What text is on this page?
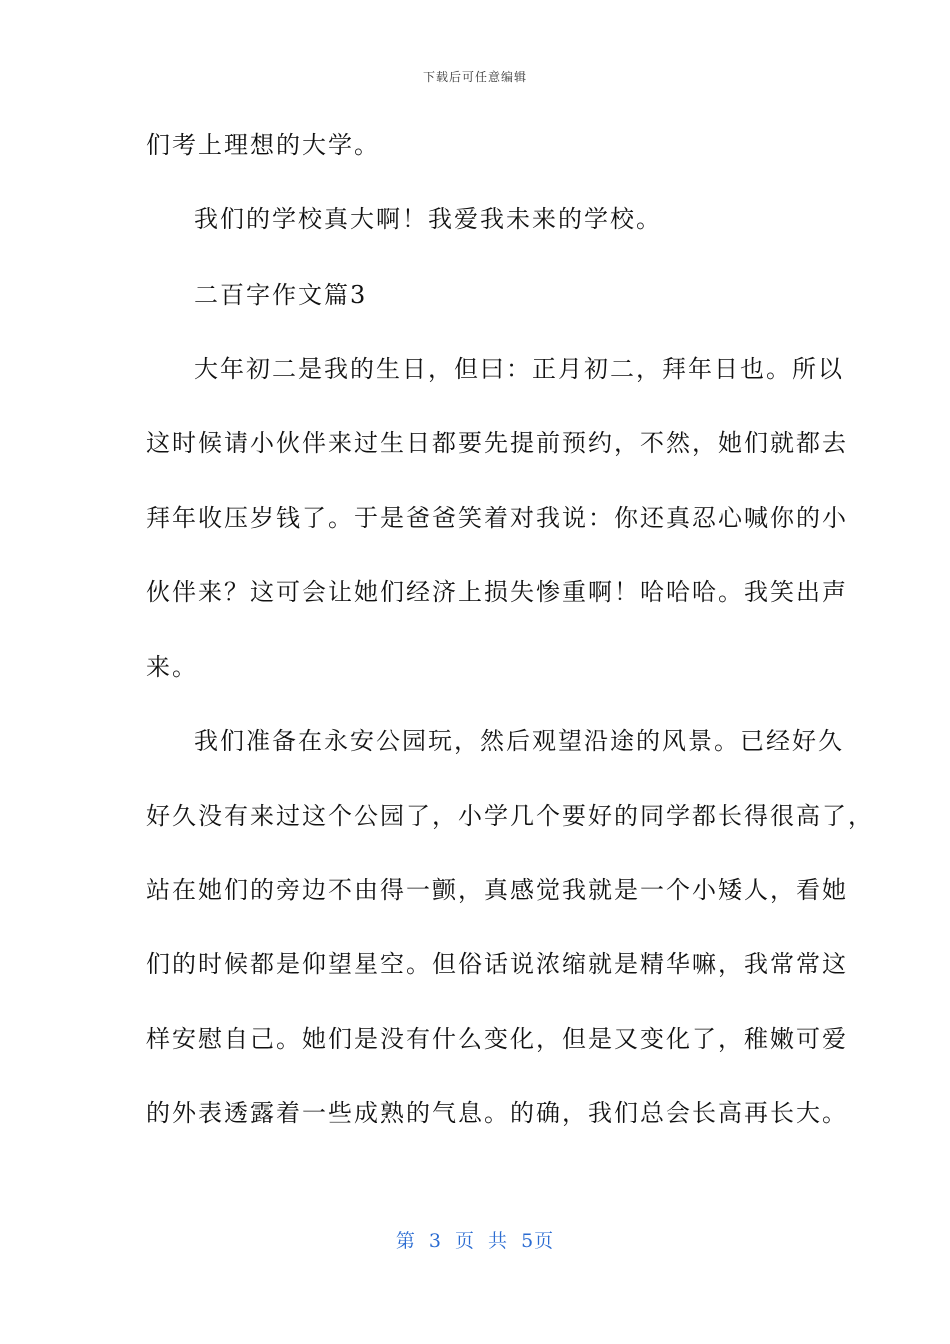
下载后可任意编辑
们考上理想的大学。
我们的学校真大啊！我爱我未来的学校。
二百字作文篇3
大年初二是我的生日，但曰：正月初二，拜年日也。所以
这时候请小伙伴来过生日都要先提前预约，不然，她们就都去
拜年收压岁钱了。于是爸爸笑着对我说：你还真忍心喊你的小
伙伴来？这可会让她们经济上损失惨重啊！哈哈哈。我笑出声
来。
我们准备在永安公园玩，然后观望沿途的风景。已经好久
好久没有来过这个公园了，小学几个要好的同学都长得很高了，
站在她们的旁边不由得一颤，真感觉我就是一个小矮人，看她
们的时候都是仰望星空。但俗话说浓缩就是精华嘛，我常常这
样安慰自己。她们是没有什么变化，但是又变化了，稚嫩可爱
的外表透露着一些成熟的气息。的确，我们总会长高再长大。
第 3 页 共 5页
